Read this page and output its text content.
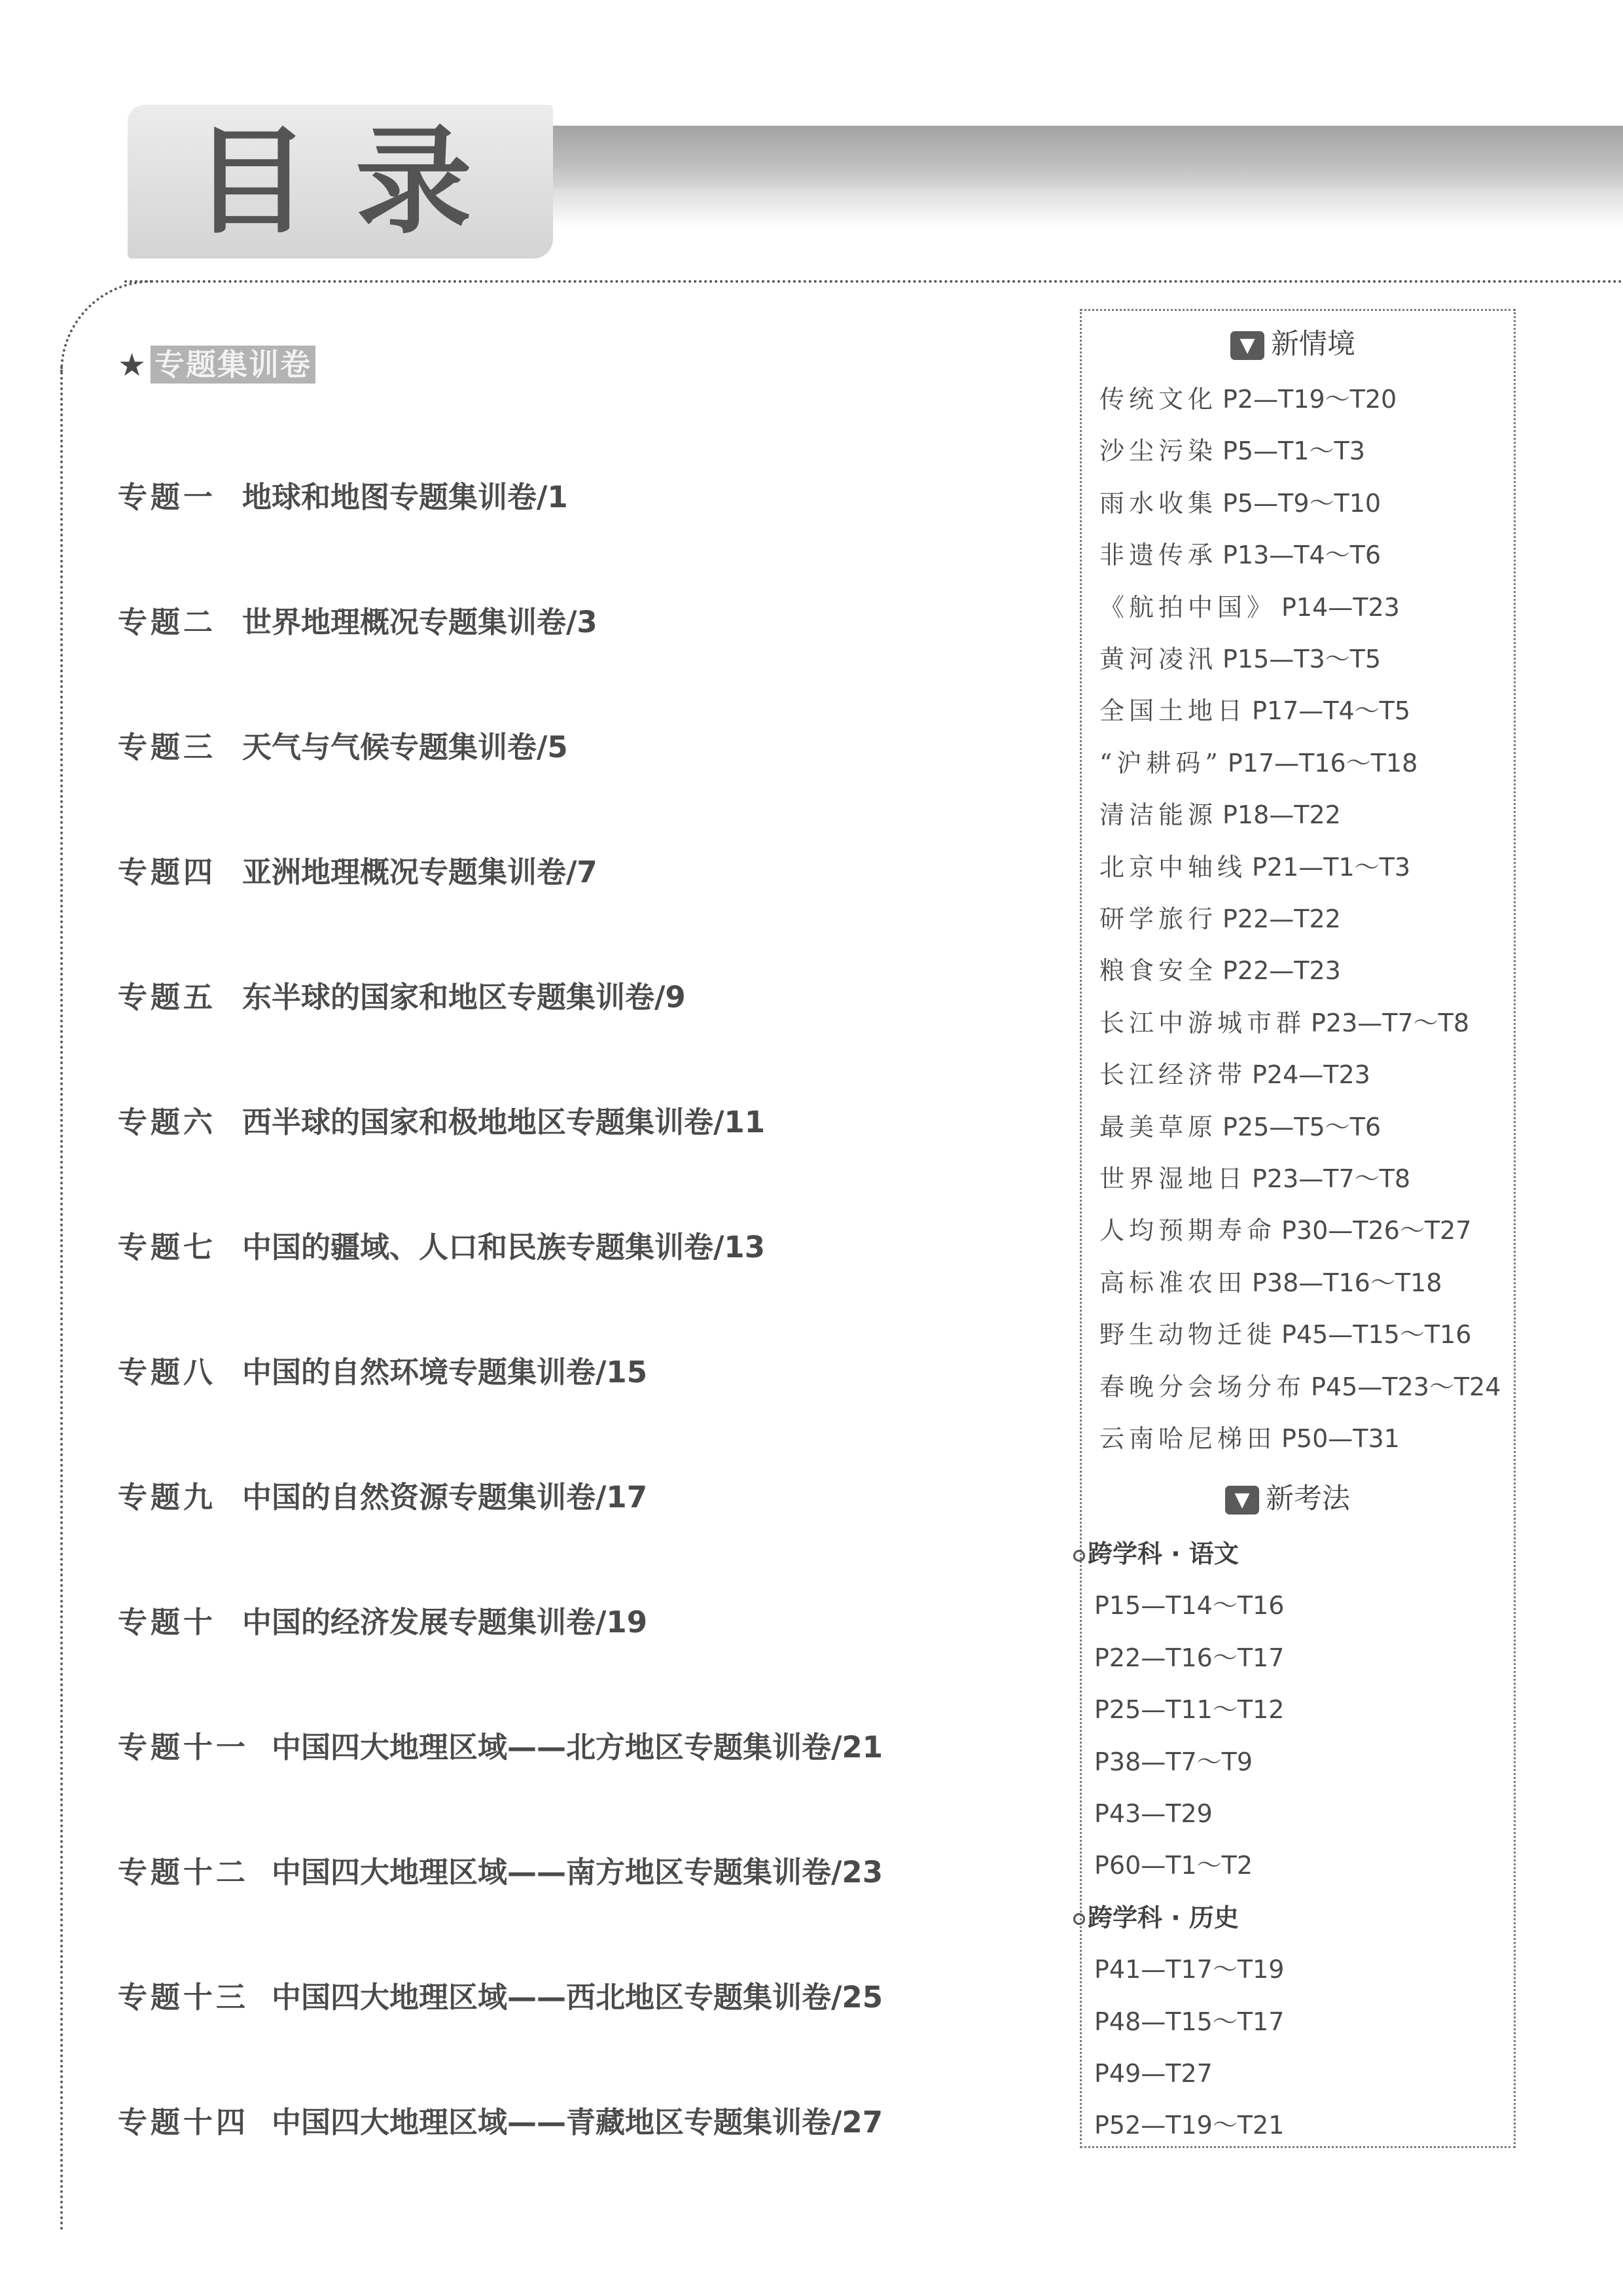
目录
★ 专题集训卷
专题一 地球和地图专题集训卷/1
专题二 世界地理概况专题集训卷/3
专题三 天气与气候专题集训卷/5
专题四 亚洲地理概况专题集训卷/7
专题五 东半球的国家和地区专题集训卷/9
专题六 西半球的国家和极地地区专题集训卷/11
专题七 中国的疆域、人口和民族专题集训卷/13
专题八 中国的自然环境专题集训卷/15
专题九 中国的自然资源专题集训卷/17
专题十 中国的经济发展专题集训卷/19
专题十一 中国四大地理区域——北方地区专题集训卷/21
专题十二 中国四大地理区域——南方地区专题集训卷/23
专题十三 中国四大地理区域——西北地区专题集训卷/25
专题十四 中国四大地理区域——青藏地区专题集训卷/27
▼ 新情境
传统文化 P2—T19～T20
沙尘污染 P5—T1～T3
雨水收集 P5—T9～T10
非遗传承 P13—T4～T6
《航拍中国》 P14—T23
黄河凌汛 P15—T3～T5
全国土地日 P17—T4～T5
“沪耕码” P17—T16～T18
清洁能源 P18—T22
北京中轴线 P21—T1～T3
研学旅行 P22—T22
粮食安全 P22—T23
长江中游城市群 P23—T7～T8
长江经济带 P24—T23
最美草原 P25—T5～T6
世界湿地日 P23—T7～T8
人均预期寿命 P30—T26～T27
高标准农田 P38—T16～T18
野生动物迁徙 P45—T15～T16
春晚分会场分布 P45—T23～T24
云南哈尼梯田 P50—T31
▼ 新考法
跨学科 · 语文
P15—T14～T16
P22—T16～T17
P25—T11～T12
P38—T7～T9
P43—T29
P60—T1～T2
跨学科 · 历史
P41—T17～T19
P48—T15～T17
P49—T27
P52—T19～T21
